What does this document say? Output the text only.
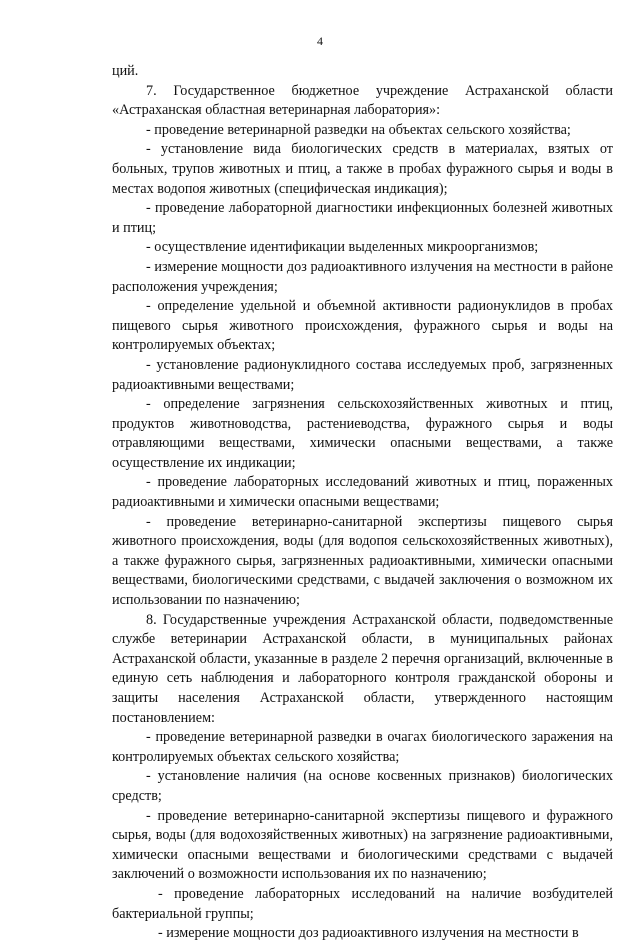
4

ций.

7. Государственное бюджетное учреждение Астраханской области «Астраханская областная ветеринарная лаборатория»:

- проведение ветеринарной разведки на объектах сельского хозяйства;

- установление вида биологических средств в материалах, взятых от больных, трупов животных и птиц, а также в пробах фуражного сырья и воды в местах водопоя животных (специфическая индикация);

- проведение лабораторной диагностики инфекционных болезней животных и птиц;

- осуществление идентификации выделенных микроорганизмов;

- измерение мощности доз радиоактивного излучения на местности в районе расположения учреждения;

- определение удельной и объемной активности радионуклидов в пробах пищевого сырья животного происхождения, фуражного сырья и воды на контролируемых объектах;

- установление радионуклидного состава исследуемых проб, загрязненных радиоактивными веществами;

- определение загрязнения сельскохозяйственных животных и птиц, продуктов животноводства, растениеводства, фуражного сырья и воды отравляющими веществами, химически опасными веществами, а также осуществление их индикации;

- проведение лабораторных исследований животных и птиц, пораженных радиоактивными и химически опасными веществами;

- проведение ветеринарно-санитарной экспертизы пищевого сырья животного происхождения, воды (для водопоя сельскохозяйственных животных), а также фуражного сырья, загрязненных радиоактивными, химически опасными веществами, биологическими средствами, с выдачей заключения о возможном их использовании по назначению;

8. Государственные учреждения Астраханской области, подведомственные службе ветеринарии Астраханской области, в муниципальных районах Астраханской области, указанные в разделе 2 перечня организаций, включенные в единую сеть наблюдения и лабораторного контроля гражданской обороны и защиты населения Астраханской области, утвержденного настоящим постановлением:

- проведение ветеринарной разведки в очагах биологического заражения на контролируемых объектах сельского хозяйства;

- установление наличия (на основе косвенных признаков) биологических средств;

- проведение ветеринарно-санитарной экспертизы пищевого и фуражного сырья, воды (для водохозяйственных животных) на загрязнение радиоактивными, химически опасными веществами и биологическими средствами с выдачей заключений о возможности использования их по назначению;

- проведение лабораторных исследований на наличие возбудителей бактериальной группы;

- измерение мощности доз радиоактивного излучения на местности в
